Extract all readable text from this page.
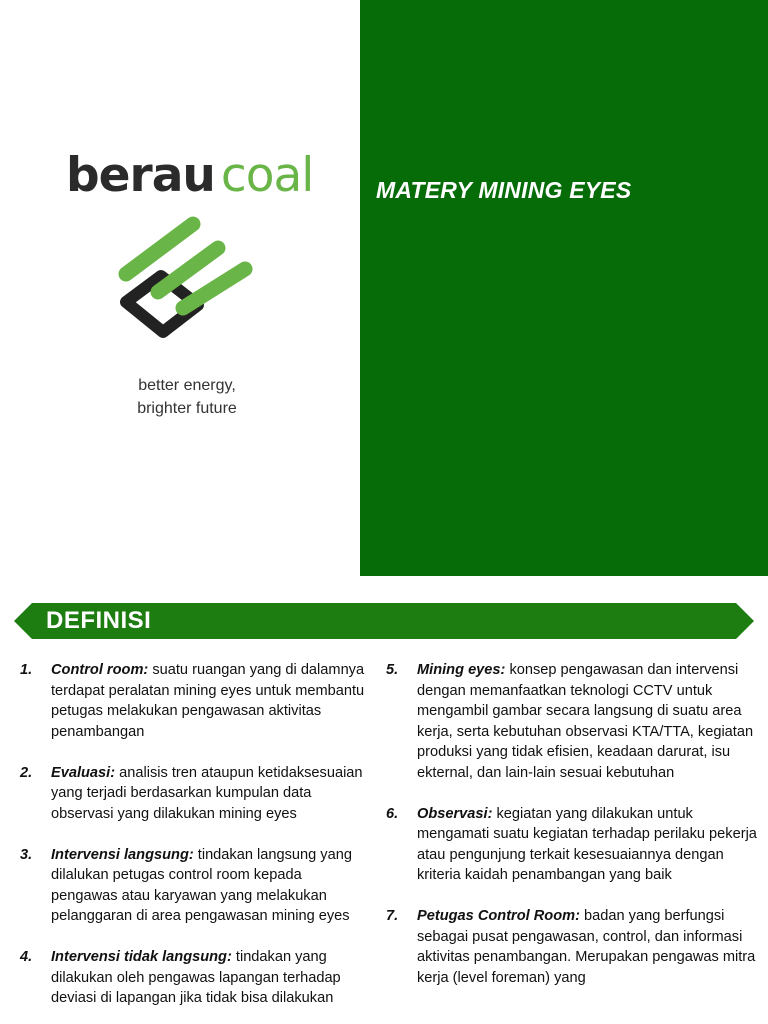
berau coal
better energy,
brighter future
MATERY MINING EYES
DEFINISI
1. Control room: suatu ruangan yang di dalamnya terdapat peralatan mining eyes untuk membantu petugas melakukan pengawasan aktivitas penambangan
2. Evaluasi: analisis tren ataupun ketidaksesuaian yang terjadi berdasarkan kumpulan data observasi yang dilakukan mining eyes
3. Intervensi langsung: tindakan langsung yang dilalukan petugas control room kepada pengawas atau karyawan yang melakukan pelanggaran di area pengawasan mining eyes
4. Intervensi tidak langsung: tindakan yang dilakukan oleh pengawas lapangan terhadap deviasi di lapangan jika tidak bisa dilakukan
5. Mining eyes: konsep pengawasan dan intervensi dengan memanfaatkan teknologi CCTV untuk mengambil gambar secara langsung di suatu area kerja, serta kebutuhan observasi KTA/TTA, kegiatan produksi yang tidak efisien, keadaan darurat, isu ekternal, dan lain-lain sesuai kebutuhan
6. Observasi: kegiatan yang dilakukan untuk mengamati suatu kegiatan terhadap perilaku pekerja atau pengunjung terkait kesesuaiannya dengan kriteria kaidah penambangan yang baik
7. Petugas Control Room: badan yang berfungsi sebagai pusat pengawasan, control, dan informasi aktivitas penambangan. Merupakan pengawas mitra kerja (level foreman) yang
